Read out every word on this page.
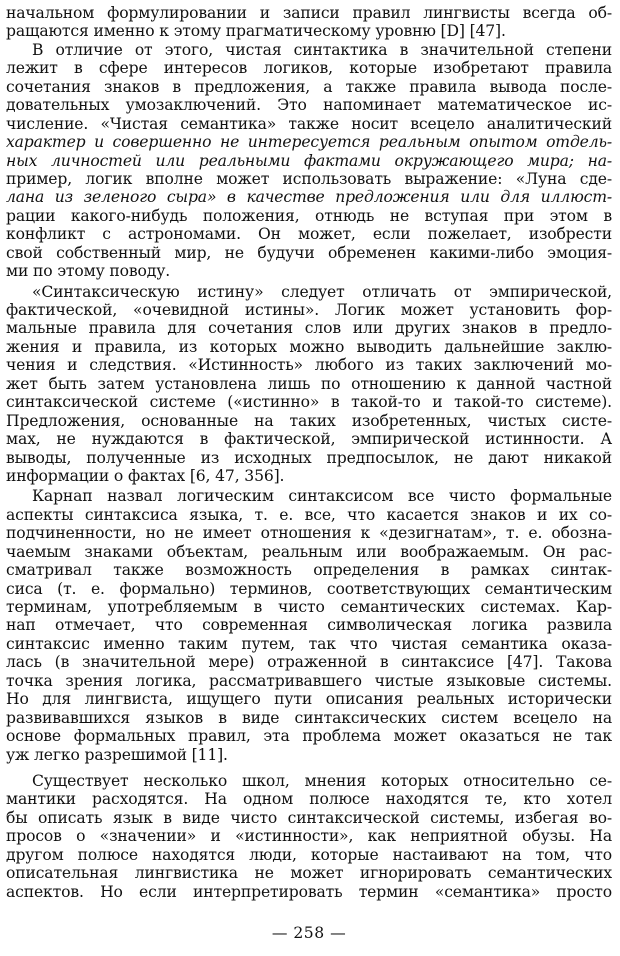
начальном формулировании и записи правил лингвисты всегда об-
ращаются именно к этому прагматическому уровню [D] [47].
В отличие от этого, чистая синтактика в значительной степени
лежит в сфере интересов логиков, которые изобретают правила
сочетания знаков в предложения, а также правила вывода после-
довательных умозаключений. Это напоминает математическое ис-
числение. «Чистая семантика» также носит всецело аналитический
характер и совершенно не интересуется реальным опытом отдель-
ных личностей или реальными фактами окружающего мира; на-
пример, логик вполне может использовать выражение: «Луна сде-
лана из зеленого сыра» в качестве предложения или для иллюст-
рации какого-нибудь положения, отнюдь не вступая при этом в
конфликт с астрономами. Он может, если пожелает, изобрести
свой собственный мир, не будучи обременен какими-либо эмоция-
ми по этому поводу.
«Синтаксическую истину» следует отличать от эмпирической,
фактической, «очевидной истины». Логик может установить фор-
мальные правила для сочетания слов или других знаков в предло-
жения и правила, из которых можно выводить дальнейшие заклю-
чения и следствия. «Истинность» любого из таких заключений мо-
жет быть затем установлена лишь по отношению к данной частной
синтаксической системе («истинно» в такой-то и такой-то системе).
Предложения, основанные на таких изобретенных, чистых систе-
мах, не нуждаются в фактической, эмпирической истинности. А
выводы, полученные из исходных предпосылок, не дают никакой
информации о фактах [6, 47, 356].
Карнап назвал логическим синтаксисом все чисто формальные
аспекты синтаксиса языка, т. е. все, что касается знаков и их со-
подчиненности, но не имеет отношения к «дезигнатам», т. е. обозна-
чаемым знаками объектам, реальным или воображаемым. Он рас-
сматривал также возможность определения в рамках синтак-
сиса (т. е. формально) терминов, соответствующих семантическим
терминам, употребляемым в чисто семантических системах. Кар-
нап отмечает, что современная символическая логика развила
синтаксис именно таким путем, так что чистая семантика оказа-
лась (в значительной мере) отраженной в синтаксисе [47]. Такова
точка зрения логика, рассматривавшего чистые языковые системы.
Но для лингвиста, ищущего пути описания реальных исторически
развивавшихся языков в виде синтаксических систем всецело на
основе формальных правил, эта проблема может оказаться не так
уж легко разрешимой [11].
Существует несколько школ, мнения которых относительно се-
мантики расходятся. На одном полюсе находятся те, кто хотел
бы описать язык в виде чисто синтаксической системы, избегая во-
просов о «значении» и «истинности», как неприятной обузы. На
другом полюсе находятся люди, которые настаивают на том, что
описательная лингвистика не может игнорировать семантических
аспектов. Но если интерпретировать термин «семантика» просто
— 258 —
